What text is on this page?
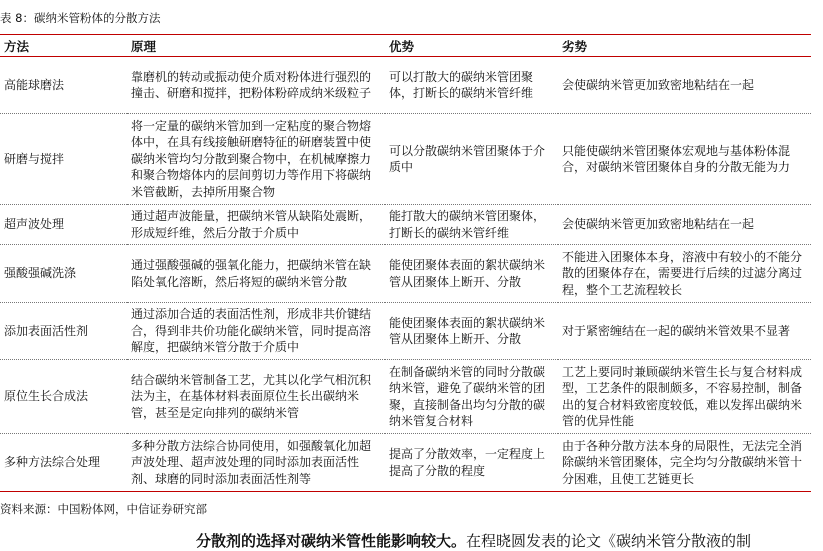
表 8：碳纳米管粉体的分散方法
方法	原理	优势	劣势
高能球磨法	靠磨机的转动或振动使介质对粉体进行强烈的撞击、研磨和搅拌，把粉体粉碎成纳米级粒子	可以打散大的碳纳米管团聚体，打断长的碳纳米管纤维	会使碳纳米管更加致密地粘结在一起
研磨与搅拌	将一定量的碳纳米管加到一定粘度的聚合物熔体中，在具有线接触研磨特征的研磨装置中使碳纳米管均匀分散到聚合物中，在机械摩擦力和聚合物熔体内的层间剪切力等作用下将碳纳米管截断，去掉所用聚合物	可以分散碳纳米管团聚体于介质中	只能使碳纳米管团聚体宏观地与基体粉体混合，对碳纳米管团聚体自身的分散无能为力
超声波处理	通过超声波能量，把碳纳米管从缺陷处震断，形成短纤维，然后分散于介质中	能打散大的碳纳米管团聚体，打断长的碳纳米管纤维	会使碳纳米管更加致密地粘结在一起
强酸强碱洗涤	通过强酸强碱的强氧化能力，把碳纳米管在缺陷处氧化溶断，然后将短的碳纳米管分散	能使团聚体表面的絮状碳纳米管从团聚体上断开、分散	不能进入团聚体本身，溶液中有较小的不能分散的团聚体存在，需要进行后续的过滤分离过程，整个工艺流程较长
添加表面活性剂	通过添加合适的表面活性剂，形成非共价键结合，得到非共价功能化碳纳米管，同时提高溶解度，把碳纳米管分散于介质中	能使团聚体表面的絮状碳纳米管从团聚体上断开、分散	对于紧密缠结在一起的碳纳米管效果不显著
原位生长合成法	结合碳纳米管制备工艺，尤其以化学气相沉积法为主，在基体材料表面原位生长出碳纳米管，甚至是定向排列的碳纳米管	在制备碳纳米管的同时分散碳纳米管，避免了碳纳米管的团聚，直接制备出均匀分散的碳纳米管复合材料	工艺上要同时兼顾碳纳米管生长与复合材料成型，工艺条件的限制颇多，不容易控制，制备出的复合材料致密度较低，难以发挥出碳纳米管的优异性能
多种方法综合处理	多种分散方法综合协同使用，如强酸氧化加超声波处理、超声波处理的同时添加表面活性剂、球磨的同时添加表面活性剂等	提高了分散效率，一定程度上提高了分散的程度	由于各种分散方法本身的局限性，无法完全消除碳纳米管团聚体，完全均匀分散碳纳米管十分困难，且使工艺链更长
资料来源：中国粉体网，中信证券研究部
分散剂的选择对碳纳米管性能影响较大。在程晓圆发表的论文《碳纳米管分散液的制
